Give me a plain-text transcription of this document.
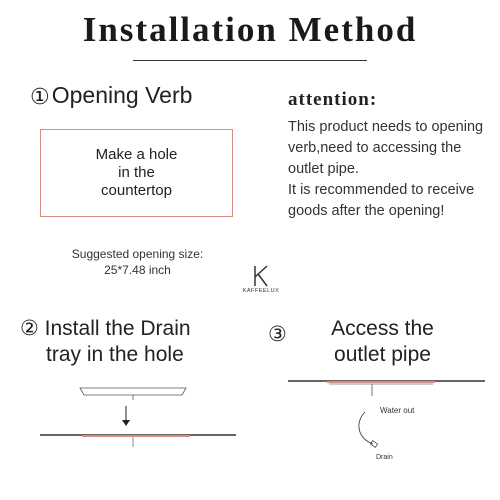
Installation Method
①Opening Verb
Make a hole
in the
countertop
Suggested opening size:
25*7.48 inch
attention:

This product needs to opening verb,need to accessing the outlet pipe.

It is recommended to receive goods after the opening!

KAFFEELUX
② Install the Drain
tray in the hole
③	Access the
outlet pipe
Water out
Drain
